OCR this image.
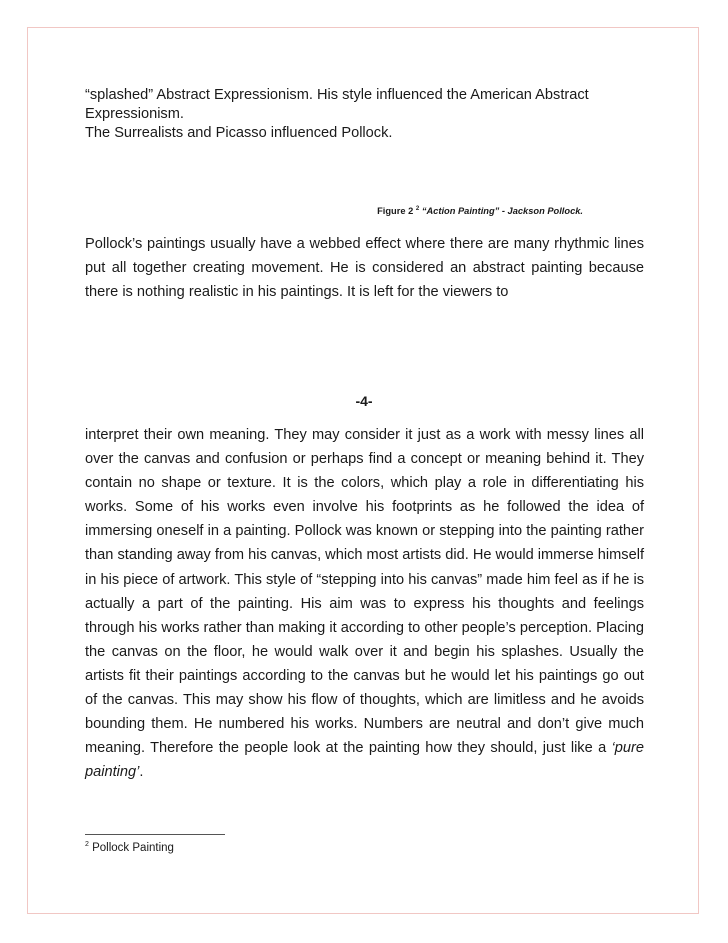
“splashed” Abstract Expressionism. His style influenced the American Abstract

Expressionism.

The Surrealists and Picasso influenced Pollock.

Figure 2 $^2$ “Action Painting” - Jackson Pollock.

Pollock’s paintings usually have a webbed effect where there are many rhythmic lines put all together creating movement. He is considered an abstract painting because there is nothing realistic in his paintings. It is left for the viewers to

-4-

interpret their own meaning. They may consider it just as a work with messy lines all over the canvas and confusion or perhaps find a concept or meaning behind it. They contain no shape or texture. It is the colors, which play a role in differentiating his works. Some of his works even involve his footprints as he followed the idea of immersing oneself in a painting. Pollock was known or stepping into the painting rather than standing away from his canvas, which most artists did. He would immerse himself in his piece of artwork. This style of “stepping into his canvas” made him feel as if he is actually a part of the painting. His aim was to express his thoughts and feelings through his works rather than making it according to other people’s perception. Placing the canvas on the floor, he would walk over it and begin his splashes. Usually the artists fit their paintings according to the canvas but he would let his paintings go out of the canvas. This may show his flow of thoughts, which are limitless and he avoids bounding them. He numbered his works. Numbers are neutral and don’t give much meaning. Therefore the people look at the painting how they should, just like a ‘pure painting’.

$^2$ Pollock Painting
